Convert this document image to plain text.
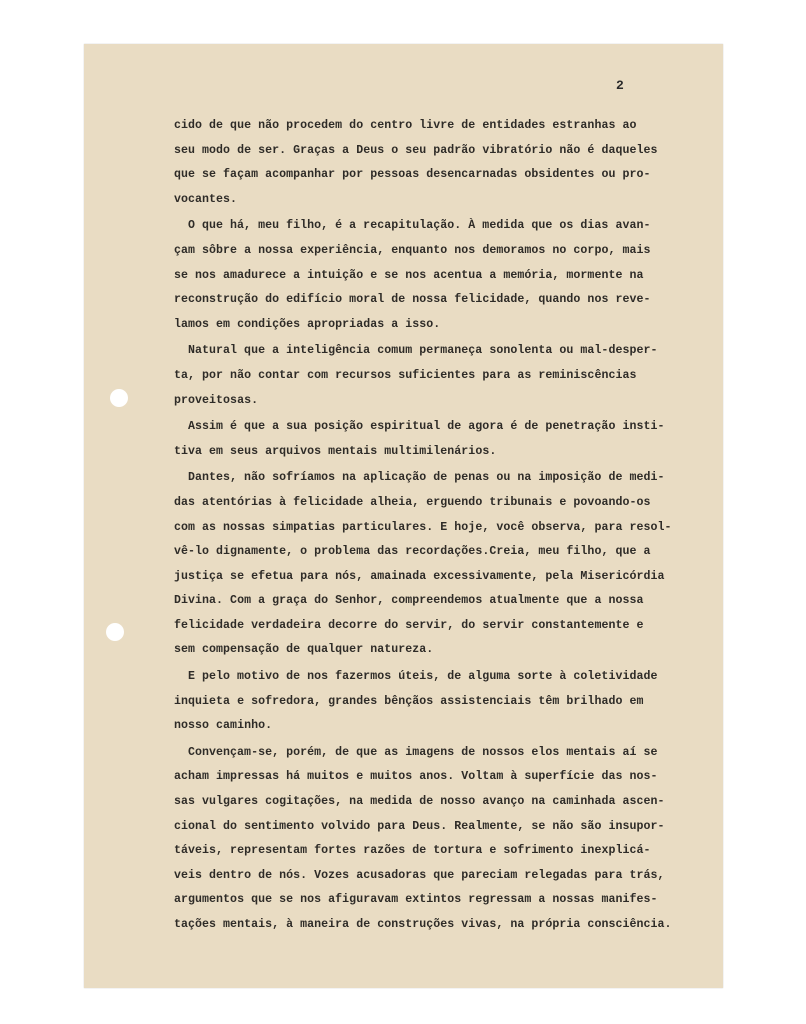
2
cido de que não procedem do centro livre de entidades estranhas ao
seu modo de ser. Graças a Deus o seu padrão vibratório não é daqueles
que se façam acompanhar por pessoas desencarnadas obsidentes ou pro-
vocantes.
O que há, meu filho, é a recapitulação. À medida que os dias avan-
çam sôbre a nossa experiência, enquanto nos demoramos no corpo, mais
se nos amadurece a intuição e se nos acentua a memória, mormente na
reconstrução do edifício moral de nossa felicidade, quando nos reve-
lamos em condições apropriadas a isso.
Natural que a inteligência comum permaneça sonolenta ou mal-desper-
ta, por não contar com recursos suficientes para as reminiscências
proveitosas.
Assim é que a sua posição espiritual de agora é de penetração insti-
tiva em seus arquivos mentais multimilenários.
Dantes, não sofríamos na aplicação de penas ou na imposição de medi-
das atentórias à felicidade alheia, erguendo tribunais e povoando-os
com as nossas simpatias particulares. E hoje, você observa, para resol-
vê-lo dignamente, o problema das recordações.Creia, meu filho, que a
justiça se efetua para nós, amainada excessivamente, pela Misericórdia
Divina. Com a graça do Senhor, compreendemos atualmente que a nossa
felicidade verdadeira decorre do servir, do servir constantemente e
sem compensação de qualquer natureza.
E pelo motivo de nos fazermos úteis, de alguma sorte à coletividade
inquieta e sofredora, grandes bênçãos assistenciais têm brilhado em
nosso caminho.
Convençam-se, porém, de que as imagens de nossos elos mentais aí se
acham impressas há muitos e muitos anos. Voltam à superfície das nos-
sas vulgares cogitações, na medida de nosso avanço na caminhada ascen-
cional do sentimento volvido para Deus. Realmente, se não são insupor-
táveis, representam fortes razões de tortura e sofrimento inexplicá-
veis dentro de nós. Vozes acusadoras que pareciam relegadas para trás,
argumentos que se nos afiguravam extintos regressam a nossas manifes-
tações mentais, à maneira de construções vivas, na própria consciência.
